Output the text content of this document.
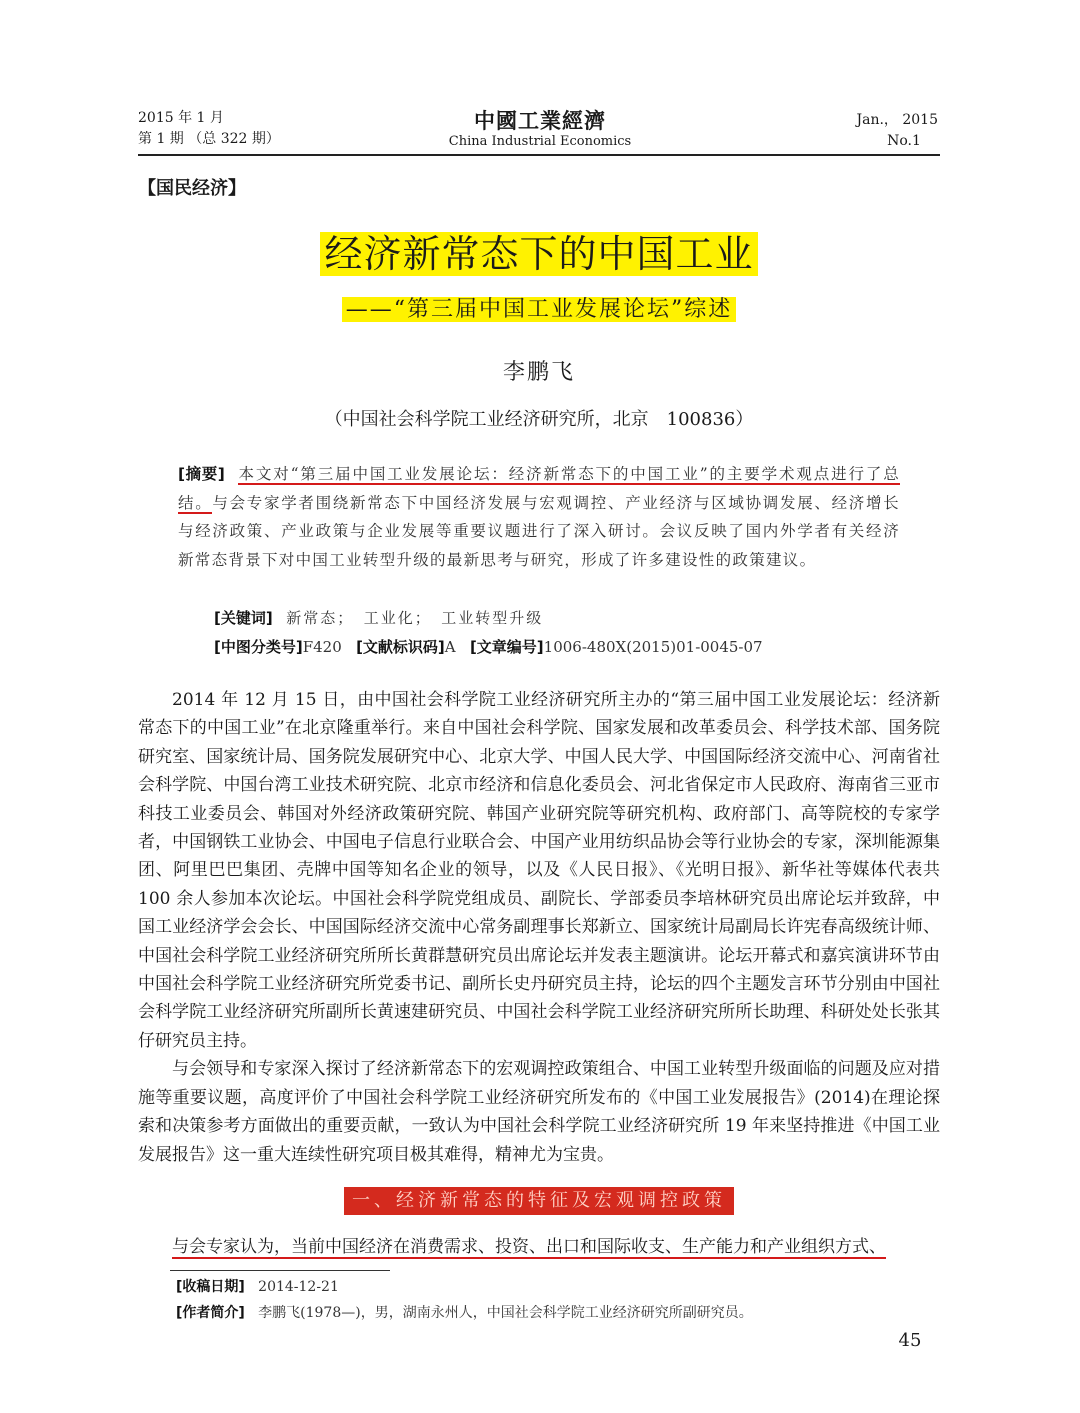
2015 年 1 月
第 1 期 （总 322 期）
中國工業經濟
China Industrial Economics
Jan.， 2015
No.1
【国民经济】
经济新常态下的中国工业
——“第三届中国工业发展论坛”综述
李鹏飞
（中国社会科学院工业经济研究所，北京　100836）
[摘要] 本文对“第三届中国工业发展论坛：经济新常态下的中国工业”的主要学术观点进行了总结。与会专家学者围绕新常态下中国经济发展与宏观调控、产业经济与区域协调发展、经济增长与经济政策、产业政策与企业发展等重要议题进行了深入研讨。会议反映了国内外学者有关经济新常态背景下对中国工业转型升级的最新思考与研究，形成了许多建设性的政策建议。
[关键词] 新常态；　工业化；　工业转型升级
[中图分类号]F420 [文献标识码]A [文章编号]1006-480X(2015)01-0045-07

2014 年 12 月 15 日，由中国社会科学院工业经济研究所主办的“第三届中国工业发展论坛：经济新常态下的中国工业”在北京隆重举行。来自中国社会科学院、国家发展和改革委员会、科学技术部、国务院研究室、国家统计局、国务院发展研究中心、北京大学、中国人民大学、中国国际经济交流中心、河南省社会科学院、中国台湾工业技术研究院、北京市经济和信息化委员会、河北省保定市人民政府、海南省三亚市科技工业委员会、韩国对外经济政策研究院、韩国产业研究院等研究机构、政府部门、高等院校的专家学者，中国钢铁工业协会、中国电子信息行业联合会、中国产业用纺织品协会等行业协会的专家，深圳能源集团、阿里巴巴集团、壳牌中国等知名企业的领导，以及《人民日报》、《光明日报》、新华社等媒体代表共 100 余人参加本次论坛。中国社会科学院党组成员、副院长、学部委员李培林研究员出席论坛并致辞，中国工业经济学会会长、中国国际经济交流中心常务副理事长郑新立、国家统计局副局长许宪春高级统计师、中国社会科学院工业经济研究所所长黄群慧研究员出席论坛并发表主题演讲。论坛开幕式和嘉宾演讲环节由中国社会科学院工业经济研究所党委书记、副所长史丹研究员主持，论坛的四个主题发言环节分别由中国社会科学院工业经济研究所副所长黄速建研究员、中国社会科学院工业经济研究所所长助理、科研处处长张其仔研究员主持。

与会领导和专家深入探讨了经济新常态下的宏观调控政策组合、中国工业转型升级面临的问题及应对措施等重要议题，高度评价了中国社会科学院工业经济研究所发布的《中国工业发展报告》(2014)在理论探索和决策参考方面做出的重要贡献，一致认为中国社会科学院工业经济研究所 19 年来坚持推进《中国工业发展报告》这一重大连续性研究项目极其难得，精神尤为宝贵。

一、经济新常态的特征及宏观调控政策
与会专家认为，当前中国经济在消费需求、投资、出口和国际收支、生产能力和产业组织方式、
[收稿日期] 2014-12-21
[作者简介] 李鹏飞(1978—)，男，湖南永州人，中国社会科学院工业经济研究所副研究员。
45
